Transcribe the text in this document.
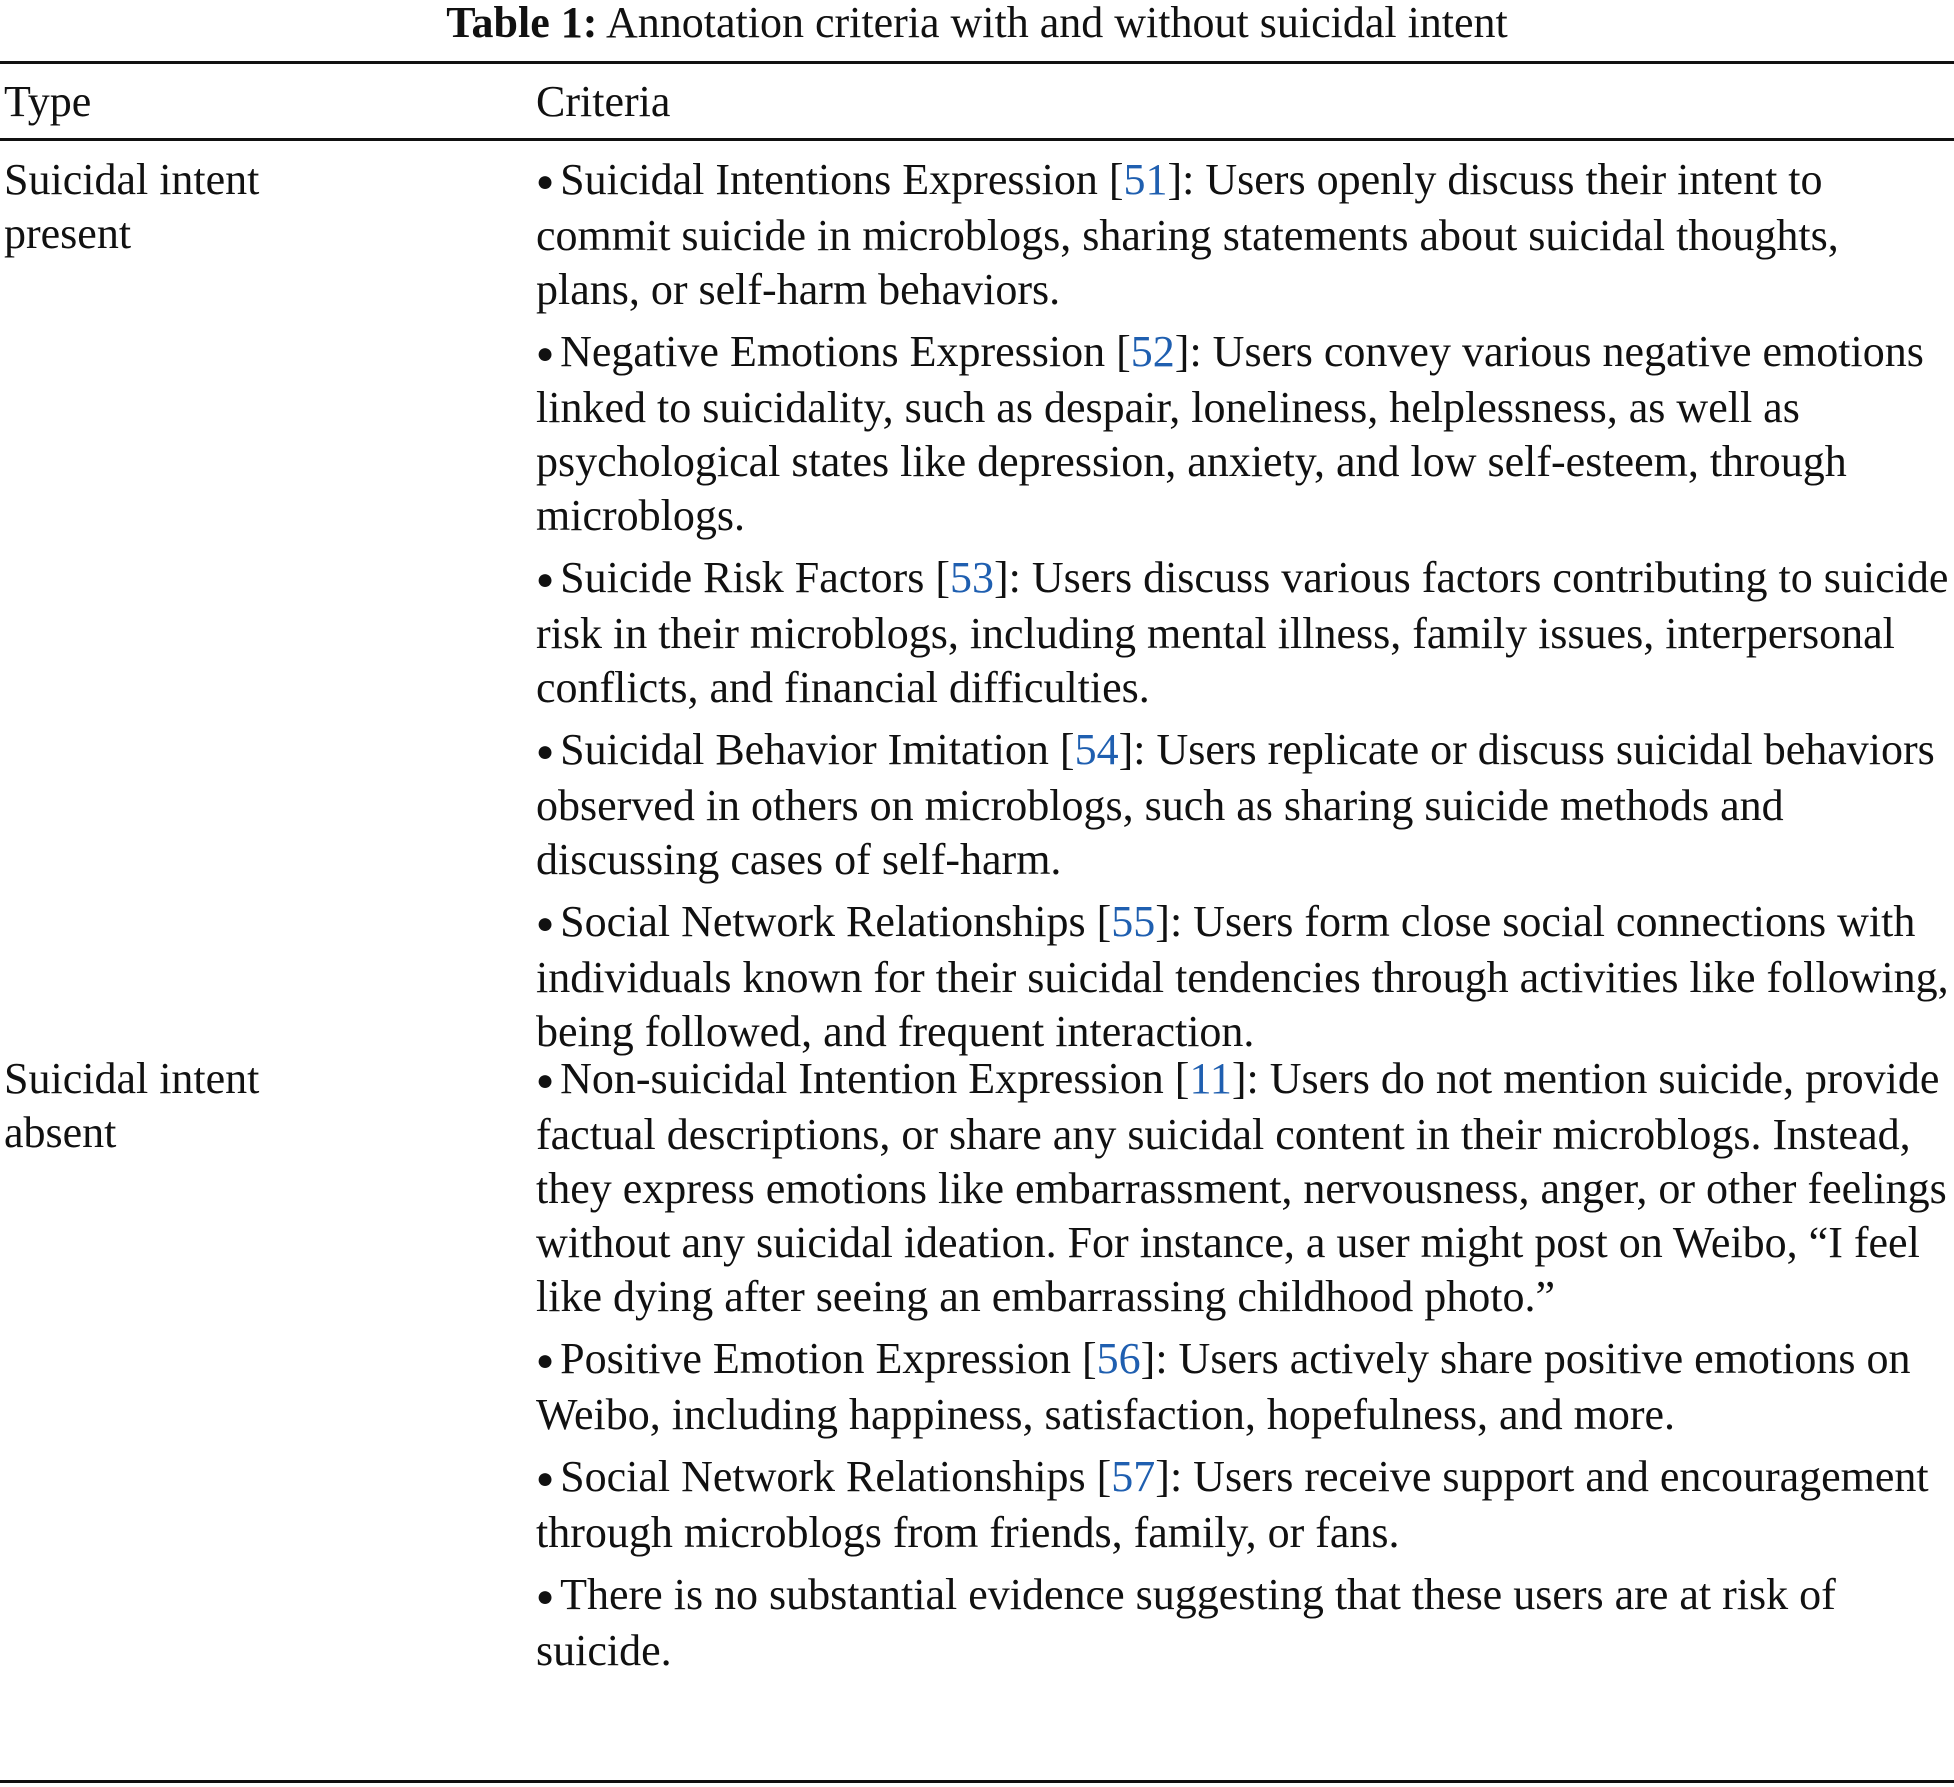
Table 1: Annotation criteria with and without suicidal intent
Type	Criteria
Suicidal intent
present
● Suicidal Intentions Expression [51]: Users openly discuss their intent to commit suicide in microblogs, sharing statements about suicidal thoughts, plans, or self-harm behaviors.
● Negative Emotions Expression [52]: Users convey various negative emotions linked to suicidality, such as despair, loneliness, helplessness, as well as psychological states like depression, anxiety, and low self-esteem, through microblogs.
● Suicide Risk Factors [53]: Users discuss various factors contributing to suicide risk in their microblogs, including mental illness, family issues, interpersonal conflicts, and financial difficulties.
● Suicidal Behavior Imitation [54]: Users replicate or discuss suicidal behaviors observed in others on microblogs, such as sharing suicide methods and discussing cases of self-harm.
● Social Network Relationships [55]: Users form close social connections with individuals known for their suicidal tendencies through activities like following, being followed, and frequent interaction.
Suicidal intent
absent
● Non-suicidal Intention Expression [11]: Users do not mention suicide, provide factual descriptions, or share any suicidal content in their microblogs. Instead, they express emotions like embarrassment, nervousness, anger, or other feelings without any suicidal ideation. For instance, a user might post on Weibo, “I feel like dying after seeing an embarrassing childhood photo.”
● Positive Emotion Expression [56]: Users actively share positive emotions on Weibo, including happiness, satisfaction, hopefulness, and more.
● Social Network Relationships [57]: Users receive support and encouragement through microblogs from friends, family, or fans.
● There is no substantial evidence suggesting that these users are at risk of suicide.
